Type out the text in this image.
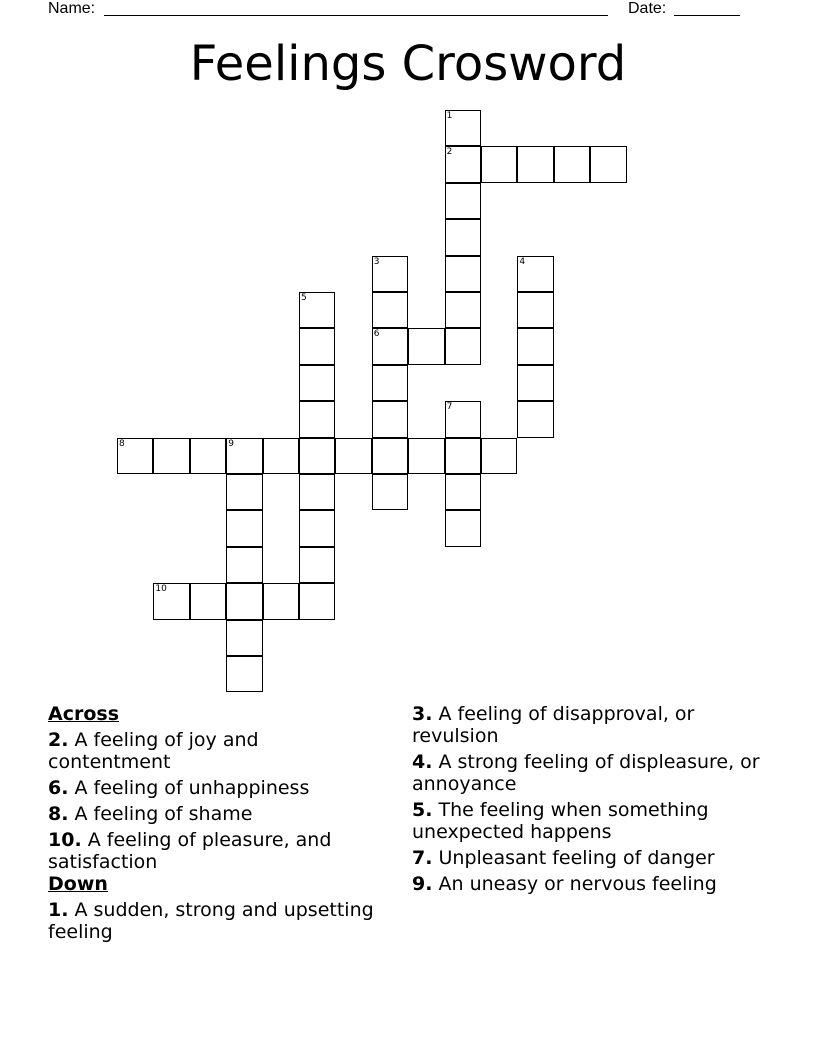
Name:	Date:
Feelings Crosword
1
2
3	4
5
6
7
8	9
10
Across
2. A feeling of joy and contentment
6. A feeling of unhappiness
8. A feeling of shame
10. A feeling of pleasure, and satisfaction
Down
1. A sudden, strong and upsetting feeling
3. A feeling of disapproval, or revulsion
4. A strong feeling of displeasure, or annoyance
5. The feeling when something unexpected happens
7. Unpleasant feeling of danger
9. An uneasy or nervous feeling
